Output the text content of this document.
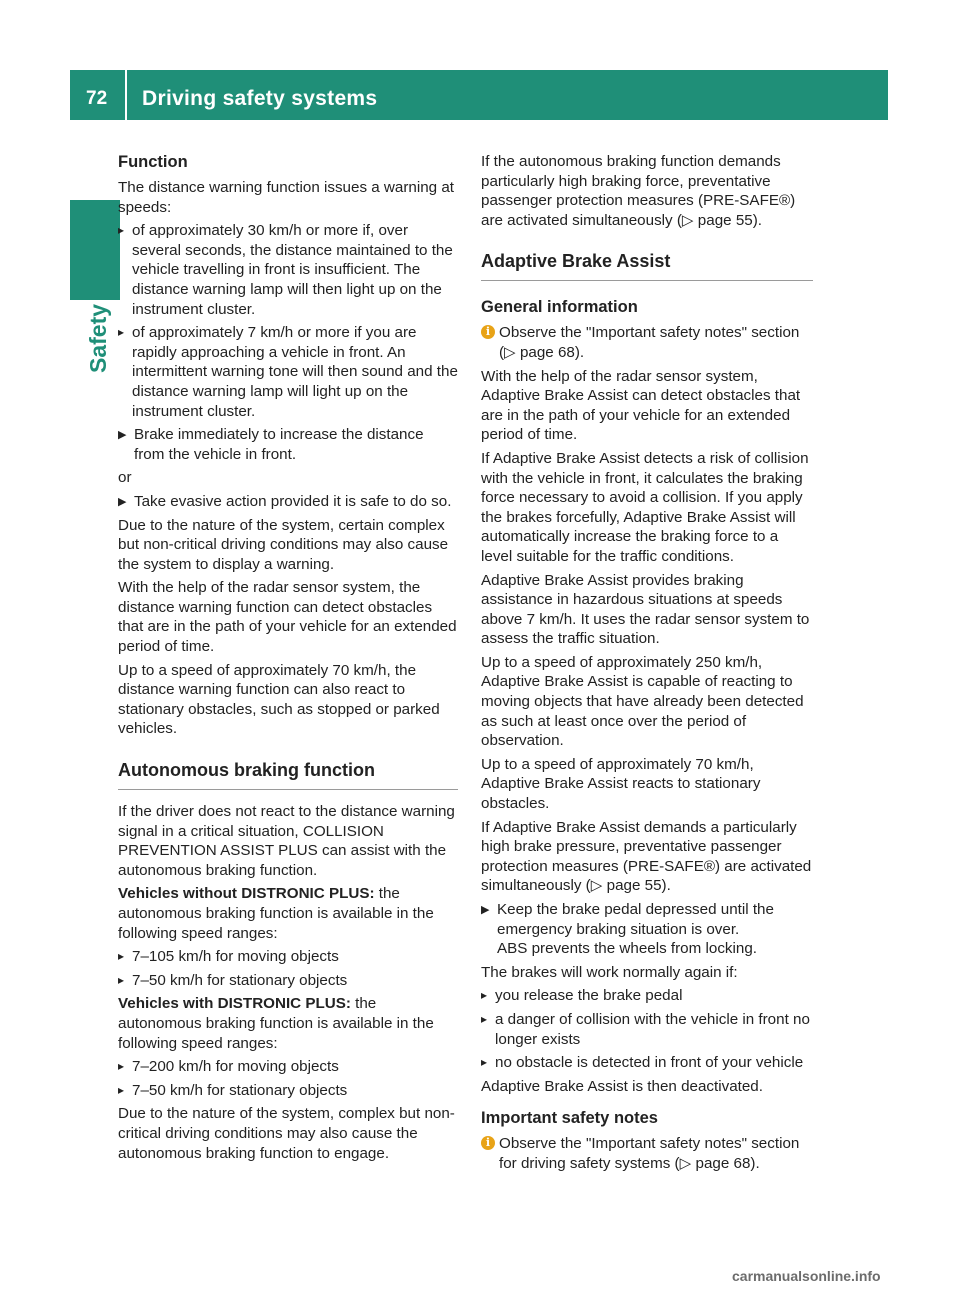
72 Driving safety systems
Safety
Function

The distance warning function issues a warning at speeds:

▸ of approximately 30 km/h or more if, over several seconds, the distance maintained to the vehicle travelling in front is insufficient. The distance warning lamp will then light up on the instrument cluster.
▸ of approximately 7 km/h or more if you are rapidly approaching a vehicle in front. An intermittent warning tone will then sound and the distance warning lamp will light up on the instrument cluster.
▶ Brake immediately to increase the distance from the vehicle in front.

or

▶ Take evasive action provided it is safe to do so.

Due to the nature of the system, certain complex but non-critical driving conditions may also cause the system to display a warning.

With the help of the radar sensor system, the distance warning function can detect obstacles that are in the path of your vehicle for an extended period of time.

Up to a speed of approximately 70 km/h, the distance warning function can also react to stationary obstacles, such as stopped or parked vehicles.

Autonomous braking function

If the driver does not react to the distance warning signal in a critical situation, COLLISION PREVENTION ASSIST PLUS can assist with the autonomous braking function.

Vehicles without DISTRONIC PLUS: the autonomous braking function is available in the following speed ranges:

▸ 7–105 km/h for moving objects
▸ 7–50 km/h for stationary objects

Vehicles with DISTRONIC PLUS: the autonomous braking function is available in the following speed ranges:

▸ 7–200 km/h for moving objects
▸ 7–50 km/h for stationary objects

Due to the nature of the system, complex but non-critical driving conditions may also cause the autonomous braking function to engage.

If the autonomous braking function demands particularly high braking force, preventative passenger protection measures (PRE-SAFE®) are activated simultaneously (▷ page 55).

Adaptive Brake Assist
General information
i Observe the "Important safety notes" section (▷ page 68).

With the help of the radar sensor system, Adaptive Brake Assist can detect obstacles that are in the path of your vehicle for an extended period of time.

If Adaptive Brake Assist detects a risk of collision with the vehicle in front, it calculates the braking force necessary to avoid a collision. If you apply the brakes forcefully, Adaptive Brake Assist will automatically increase the braking force to a level suitable for the traffic conditions.

Adaptive Brake Assist provides braking assistance in hazardous situations at speeds above 7 km/h. It uses the radar sensor system to assess the traffic situation.

Up to a speed of approximately 250 km/h, Adaptive Brake Assist is capable of reacting to moving objects that have already been detected as such at least once over the period of observation.

Up to a speed of approximately 70 km/h, Adaptive Brake Assist reacts to stationary obstacles.

If Adaptive Brake Assist demands a particularly high brake pressure, preventative passenger protection measures (PRE-SAFE®) are activated simultaneously (▷ page 55).

▶ Keep the brake pedal depressed until the emergency braking situation is over.
ABS prevents the wheels from locking.

The brakes will work normally again if:

▸ you release the brake pedal
▸ a danger of collision with the vehicle in front no longer exists
▸ no obstacle is detected in front of your vehicle

Adaptive Brake Assist is then deactivated.

Important safety notes
i Observe the "Important safety notes" section for driving safety systems (▷ page 68).
carmanualsonline.info
